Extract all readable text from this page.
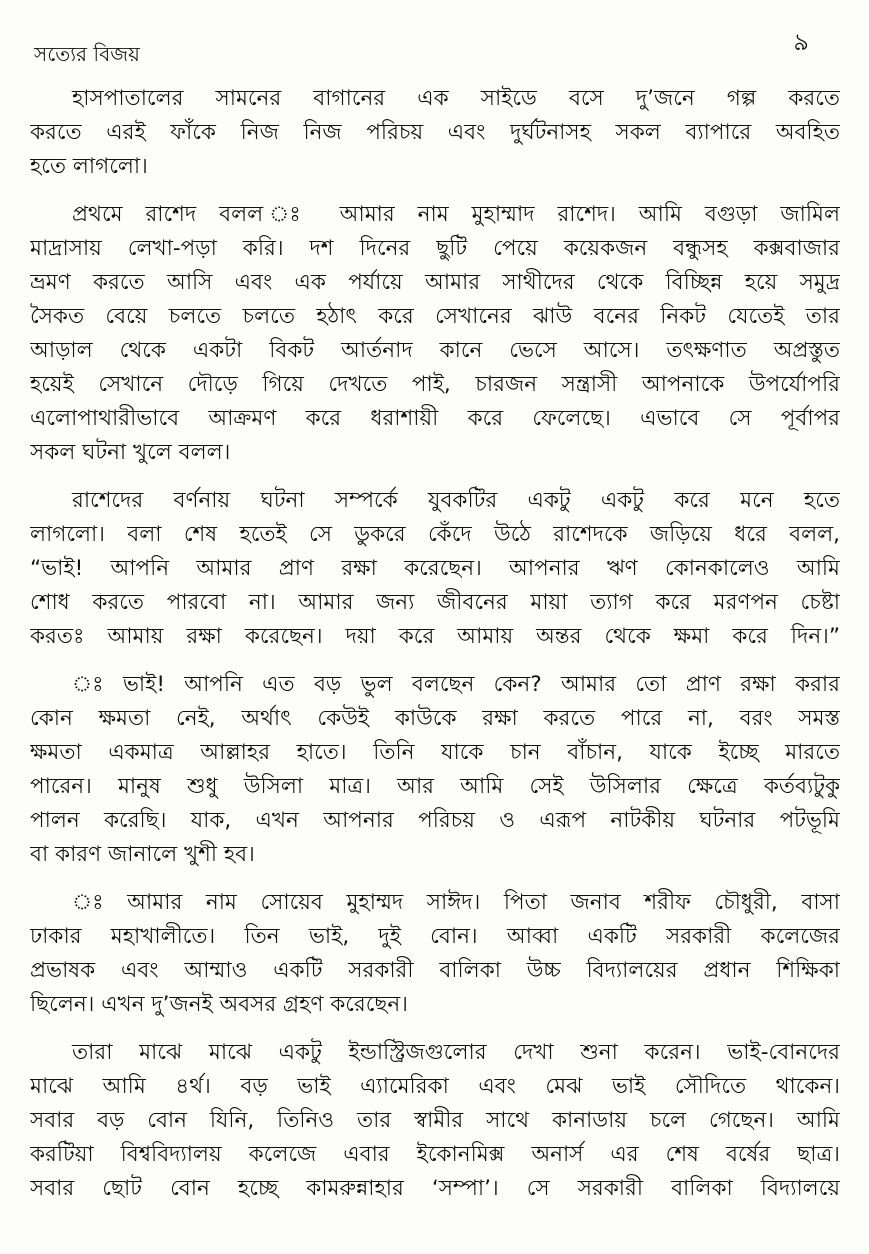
সত্যের বিজয়	৯
হাসপাতালের সামনের বাগানের এক সাইডে বসে দু’জনে গল্প করতে
করতে এরই ফাঁকে নিজ নিজ পরিচয় এবং দুর্ঘটনাসহ সকল ব্যাপারে অবহিত
হতে লাগলো।
প্রথমে রাশেদ বলল ঃ আমার নাম মুহাম্মাদ রাশেদ। আমি বগুড়া জামিল
মাদ্রাসায় লেখা-পড়া করি। দশ দিনের ছুটি পেয়ে কয়েকজন বন্ধুসহ কক্সবাজার
ভ্রমণ করতে আসি এবং এক পর্যায়ে আমার সাথীদের থেকে বিচ্ছিন্ন হয়ে সমুদ্র
সৈকত বেয়ে চলতে চলতে হঠাৎ করে সেখানের ঝাউ বনের নিকট যেতেই তার
আড়াল থেকে একটা বিকট আর্তনাদ কানে ভেসে আসে। তৎক্ষণাত অপ্রস্তুত
হয়েই সেখানে দৌড়ে গিয়ে দেখতে পাই, চারজন সন্ত্রাসী আপনাকে উপর্যোপরি
এলোপাথারীভাবে আক্রমণ করে ধরাশায়ী করে ফেলেছে। এভাবে সে পূর্বাপর
সকল ঘটনা খুলে বলল।
রাশেদের বর্ণনায় ঘটনা সম্পর্কে যুবকটির একটু একটু করে মনে হতে
লাগলো। বলা শেষ হতেই সে ডুকরে কেঁদে উঠে রাশেদকে জড়িয়ে ধরে বলল,
“ভাই! আপনি আমার প্রাণ রক্ষা করেছেন। আপনার ঋণ কোনকালেও আমি
শোধ করতে পারবো না। আমার জন্য জীবনের মায়া ত্যাগ করে মরণপন চেষ্টা
করতঃ আমায় রক্ষা করেছেন। দয়া করে আমায় অন্তর থেকে ক্ষমা করে দিন।”
ঃ ভাই! আপনি এত বড় ভুল বলছেন কেন? আমার তো প্রাণ রক্ষা করার
কোন ক্ষমতা নেই, অর্থাৎ কেউই কাউকে রক্ষা করতে পারে না, বরং সমস্ত
ক্ষমতা একমাত্র আল্লাহর হাতে। তিনি যাকে চান বাঁচান, যাকে ইচ্ছে মারতে
পারেন। মানুষ শুধু উসিলা মাত্র। আর আমি সেই উসিলার ক্ষেত্রে কর্তব্যটুকু
পালন করেছি। যাক, এখন আপনার পরিচয় ও এরূপ নাটকীয় ঘটনার পটভূমি
বা কারণ জানালে খুশী হব।
ঃ আমার নাম সোয়েব মুহাম্মদ সাঈদ। পিতা জনাব শরীফ চৌধুরী, বাসা
ঢাকার মহাখালীতে। তিন ভাই, দুই বোন। আব্বা একটি সরকারী কলেজের
প্রভাষক এবং আম্মাও একটি সরকারী বালিকা উচ্চ বিদ্যালয়ের প্রধান শিক্ষিকা
ছিলেন। এখন দু’জনই অবসর গ্রহণ করেছেন।
তারা মাঝে মাঝে একটু ইন্ডাস্ট্রিজগুলোর দেখা শুনা করেন। ভাই-বোনদের
মাঝে আমি ৪র্থ। বড় ভাই এ্যামেরিকা এবং মেঝ ভাই সৌদিতে থাকেন।
সবার বড় বোন যিনি, তিনিও তার স্বামীর সাথে কানাডায় চলে গেছেন। আমি
করটিয়া বিশ্ববিদ্যালয় কলেজে এবার ইকোনমিক্স অনার্স এর শেষ বর্ষের ছাত্র।
সবার ছোট বোন হচ্ছে কামরুন্নাহার ‘সম্পা’। সে সরকারী বালিকা বিদ্যালয়ে
